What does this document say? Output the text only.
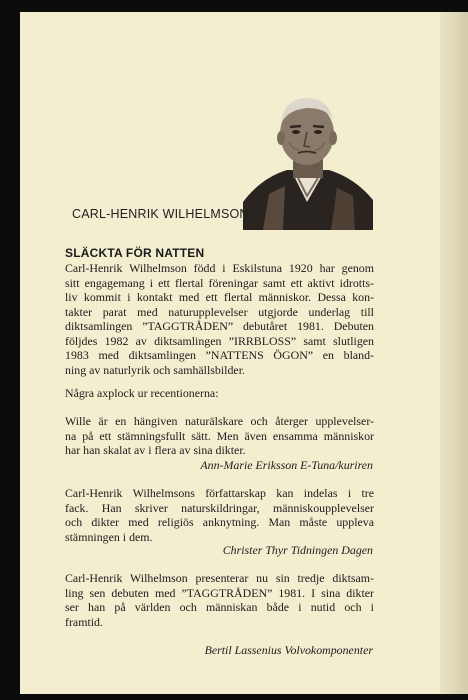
CARL-HENRIK WILHELMSON
SLÄCKTA FÖR NATTEN
Carl-Henrik Wilhelmson född i Eskilstuna 1920 har genom
sitt engagemang i ett flertal föreningar samt ett aktivt idrotts-
liv kommit i kontakt med ett flertal människor. Dessa kon-
takter parat med naturupplevelser utgjorde underlag till
diktsamlingen ”TAGGTRÅDEN” debutåret 1981. Debuten
följdes 1982 av diktsamlingen ”IRRBLOSS” samt slutligen
1983 med diktsamlingen ”NATTENS ÖGON” en bland-
ning av naturlyrik och samhällsbilder.
Några axplock ur recentionerna:
Wille är en hängiven naturälskare och återger upplevelser-
na på ett stämningsfullt sätt. Men även ensamma människor
har han skalat av i flera av sina dikter.
Ann-Marie Eriksson E-Tuna/kuriren
Carl-Henrik Wilhelmsons författarskap kan indelas i tre
fack. Han skriver naturskildringar, människoupplevelser
och dikter med religiös anknytning. Man måste uppleva
stämningen i dem.
Christer Thyr Tidningen Dagen
Carl-Henrik Wilhelmson presenterar nu sin tredje diktsam-
ling sen debuten med ”TAGGTRÅDEN” 1981. I sina dikter
ser han på världen och människan både i nutid och i
framtid.
Bertil Lassenius Volvokomponenter
